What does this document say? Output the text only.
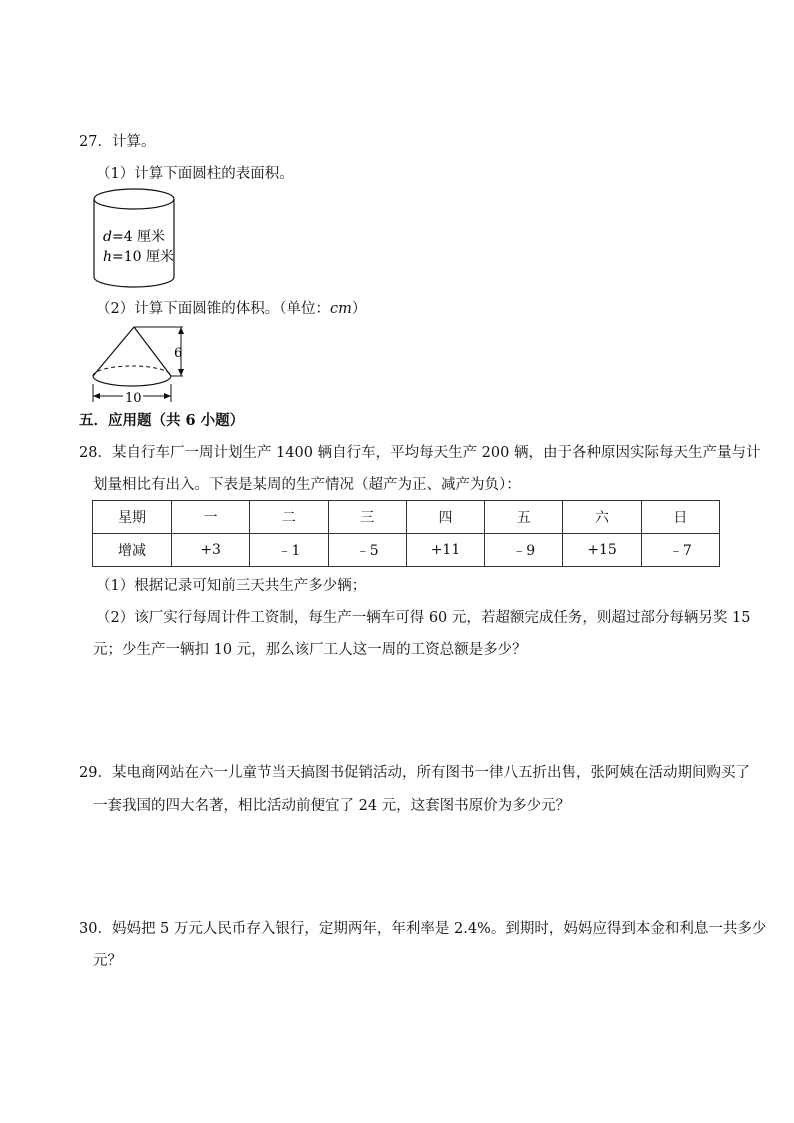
27．计算。
（1）计算下面圆柱的表面积。
d=4 厘米
h=10 厘米
（2）计算下面圆锥的体积。（单位：cm）
6
10
五．应用题（共 6 小题）
28．某自行车厂一周计划生产 1400 辆自行车，平均每天生产 200 辆，由于各种原因实际每天生产量与计
划量相比有出入。下表是某周的生产情况（超产为正、减产为负）：
星期	一	二	三	四	五	六	日
增减	+3	﹣1	﹣5	+11	﹣9	+15	﹣7
（1）根据记录可知前三天共生产多少辆；
（2）该厂实行每周计件工资制，每生产一辆车可得 60 元，若超额完成任务，则超过部分每辆另奖 15
元；少生产一辆扣 10 元，那么该厂工人这一周的工资总额是多少？
29．某电商网站在六一儿童节当天搞图书促销活动，所有图书一律八五折出售，张阿姨在活动期间购买了
一套我国的四大名著，相比活动前便宜了 24 元，这套图书原价为多少元？
30．妈妈把 5 万元人民币存入银行，定期两年，年利率是 2.4%。到期时，妈妈应得到本金和利息一共多少
元？
